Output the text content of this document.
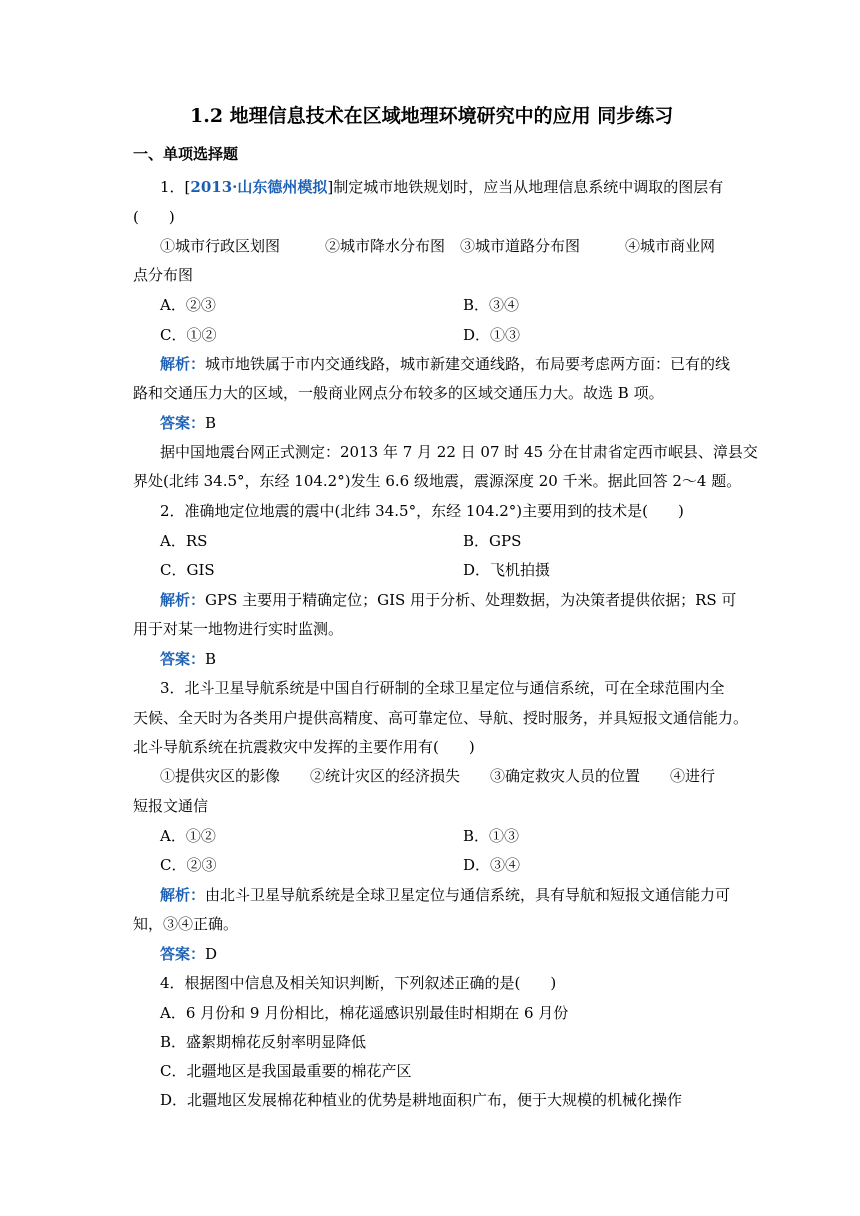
1.2 地理信息技术在区域地理环境研究中的应用 同步练习
一、单项选择题
1．[2013·山东德州模拟]制定城市地铁规划时，应当从地理信息系统中调取的图层有
(　　)
①城市行政区划图　　　②城市降水分布图　③城市道路分布图　　　④城市商业网
点分布图
A．②③	B．③④
C．①②	D．①③
解析：城市地铁属于市内交通线路，城市新建交通线路，布局要考虑两方面：已有的线
路和交通压力大的区域，一般商业网点分布较多的区域交通压力大。故选 B 项。
答案：B
据中国地震台网正式测定：2013 年 7 月 22 日 07 时 45 分在甘肃省定西市岷县、漳县交
界处(北纬 34.5°，东经 104.2°)发生 6.6 级地震，震源深度 20 千米。据此回答 2～4 题。
2．准确地定位地震的震中(北纬 34.5°，东经 104.2°)主要用到的技术是(　　)
A．RS	B．GPS
C．GIS	D．飞机拍摄
解析：GPS 主要用于精确定位；GIS 用于分析、处理数据，为决策者提供依据；RS 可
用于对某一地物进行实时监测。
答案：B
3．北斗卫星导航系统是中国自行研制的全球卫星定位与通信系统，可在全球范围内全
天候、全天时为各类用户提供高精度、高可靠定位、导航、授时服务，并具短报文通信能力。
北斗导航系统在抗震救灾中发挥的主要作用有(　　)
①提供灾区的影像　　②统计灾区的经济损失　　③确定救灾人员的位置　　④进行
短报文通信
A．①②	B．①③
C．②③	D．③④
解析：由北斗卫星导航系统是全球卫星定位与通信系统，具有导航和短报文通信能力可
知，③④正确。
答案：D
4．根据图中信息及相关知识判断，下列叙述正确的是(　　)
A．6 月份和 9 月份相比，棉花遥感识别最佳时相期在 6 月份
B．盛絮期棉花反射率明显降低
C．北疆地区是我国最重要的棉花产区
D．北疆地区发展棉花种植业的优势是耕地面积广布，便于大规模的机械化操作
